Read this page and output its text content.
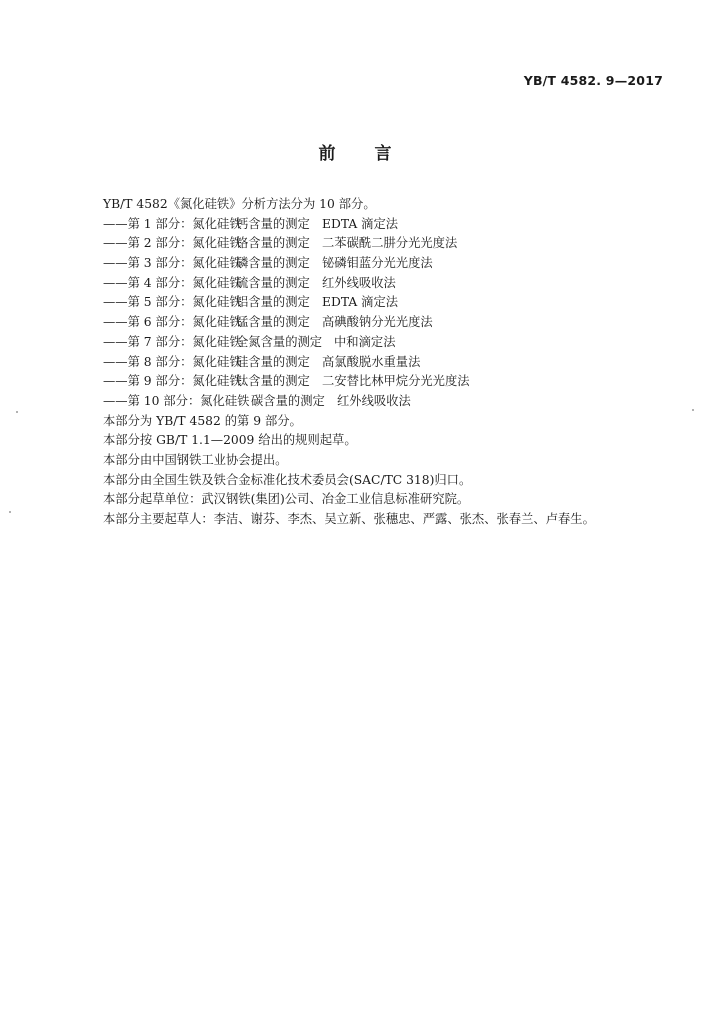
YB/T 4582. 9—2017
前 言
YB/T 4582《氮化硅铁》分析方法分为 10 部分。
——第 1 部分：氮化硅铁钙含量的测定 EDTA 滴定法
——第 2 部分：氮化硅铁铬含量的测定 二苯碳酰二肼分光光度法
——第 3 部分：氮化硅铁磷含量的测定 铋磷钼蓝分光光度法
——第 4 部分：氮化硅铁硫含量的测定 红外线吸收法
——第 5 部分：氮化硅铁铝含量的测定 EDTA 滴定法
——第 6 部分：氮化硅铁锰含量的测定 高碘酸钠分光光度法
——第 7 部分：氮化硅铁全氮含量的测定 中和滴定法
——第 8 部分：氮化硅铁硅含量的测定 高氯酸脱水重量法
——第 9 部分：氮化硅铁钛含量的测定 二安替比林甲烷分光光度法
——第 10 部分：氮化硅铁 碳含量的测定 红外线吸收法
本部分为 YB/T 4582 的第 9 部分。
本部分按 GB/T 1.1—2009 给出的规则起草。
本部分由中国钢铁工业协会提出。
本部分由全国生铁及铁合金标准化技术委员会(SAC/TC 318)归口。
本部分起草单位：武汉钢铁(集团)公司、冶金工业信息标准研究院。
本部分主要起草人：李洁、谢芬、李杰、吴立新、张穗忠、严露、张杰、张春兰、卢春生。
